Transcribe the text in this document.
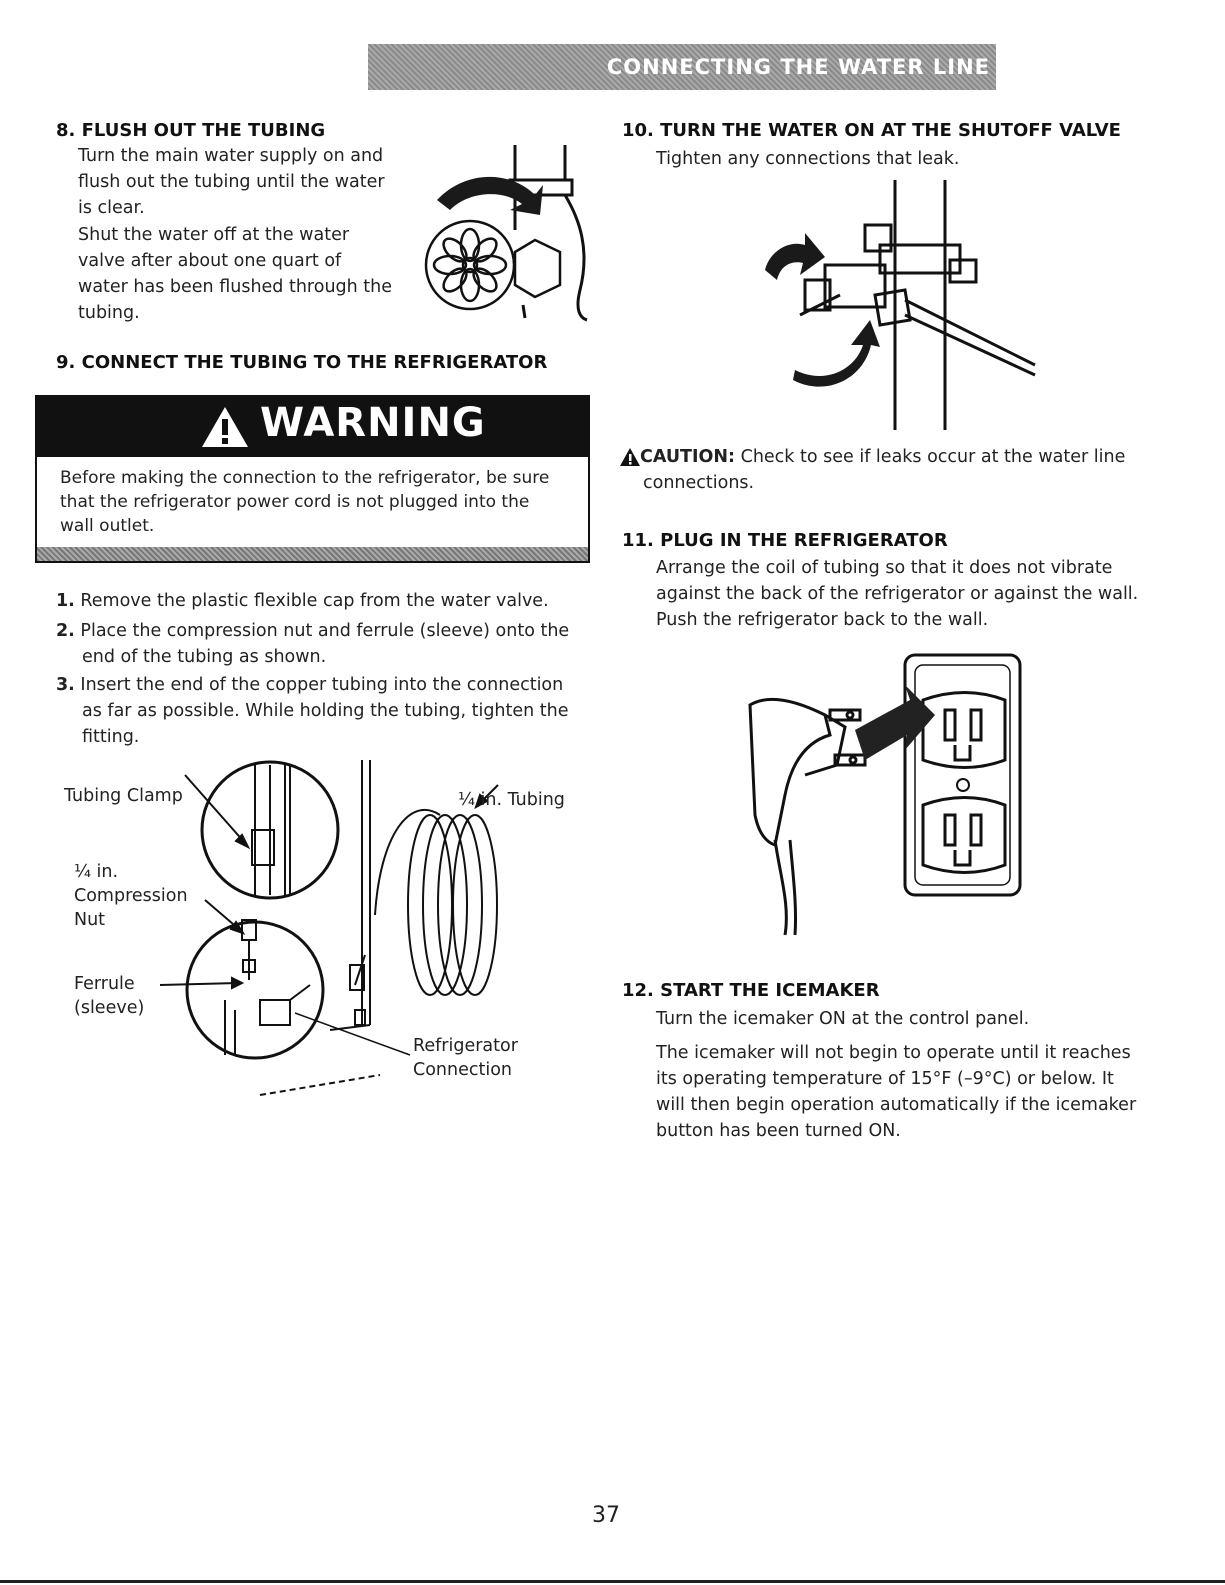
CONNECTING THE WATER LINE
8. FLUSH OUT THE TUBING
Turn the main water supply on and
flush out the tubing until the water
is clear.
Shut the water off at the water
valve after about one quart of
water has been flushed through the
tubing.
9. CONNECT THE TUBING TO THE REFRIGERATOR
WARNING
Before making the connection to the refrigerator, be sure
that the refrigerator power cord is not plugged into the
wall outlet.
1. Remove the plastic flexible cap from the water valve.
2. Place the compression nut and ferrule (sleeve) onto the
end of the tubing as shown.
3. Insert the end of the copper tubing into the connection
as far as possible. While holding the tubing, tighten the
fitting.
Tubing Clamp	¼ in. Tubing
¼ in.
Compression
Nut
Ferrule
(sleeve)
Refrigerator
Connection
10. TURN THE WATER ON AT THE SHUTOFF VALVE
Tighten any connections that leak.
CAUTION: Check to see if leaks occur at the water line
connections.
11. PLUG IN THE REFRIGERATOR
Arrange the coil of tubing so that it does not vibrate
against the back of the refrigerator or against the wall.
Push the refrigerator back to the wall.
12. START THE ICEMAKER
Turn the icemaker ON at the control panel.
The icemaker will not begin to operate until it reaches
its operating temperature of 15°F (–9°C) or below. It
will then begin operation automatically if the icemaker
button has been turned ON.
37
